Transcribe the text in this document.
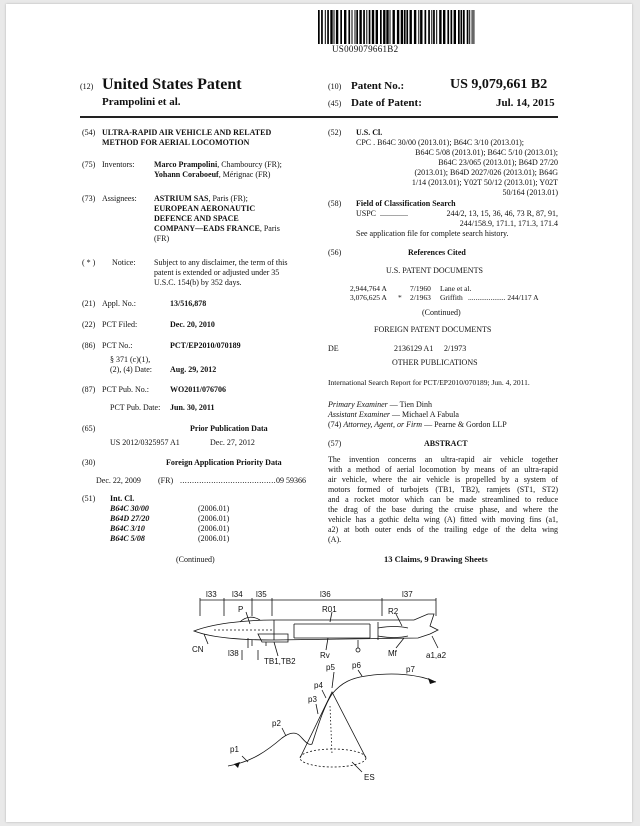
US009079661B2
(12) United States Patent
Prampolini et al.
(10) Patent No.:	US 9,079,661 B2
(45) Date of Patent:	Jul. 14, 2015
(54) ULTRA-RAPID AIR VEHICLE AND RELATED
METHOD FOR AERIAL LOCOMOTION
(75) Inventors: Marco Prampolini, Chambourcy (FR);
Yohann Coraboeuf, Mérignac (FR)
(73) Assignees: ASTRIUM SAS, Paris (FR);
EUROPEAN AERONAUTIC
DEFENCE AND SPACE
COMPANY—EADS FRANCE, Paris
(FR)
( * ) Notice: Subject to any disclaimer, the term of this
patent is extended or adjusted under 35
U.S.C. 154(b) by 352 days.
(21) Appl. No.:	13/516,878
(22) PCT Filed:	Dec. 20, 2010
(86) PCT No.:	PCT/EP2010/070189
§ 371 (c)(1),
(2), (4) Date: Aug. 29, 2012
(87) PCT Pub. No.:	WO2011/076706
PCT Pub. Date: Jun. 30, 2011
(65)	Prior Publication Data
US 2012/0325957 A1	Dec. 27, 2012
(30)	Foreign Application Priority Data
Dec. 22, 2009 (FR) ........................................ 09 59366
(51) Int. Cl.
B64C 30/00	(2006.01)
B64D 27/20	(2006.01)
B64C 3/10	(2006.01)
B64C 5/08	(2006.01)
(Continued)
(52) U.S. Cl.
CPC . B64C 30/00 (2013.01); B64C 3/10 (2013.01);
B64C 5/08 (2013.01); B64C 5/10 (2013.01);
B64C 23/065 (2013.01); B64D 27/20
(2013.01); B64D 2027/026 (2013.01); B64G
1/14 (2013.01); Y02T 50/12 (2013.01); Y02T
50/164 (2013.01)
(58) Field of Classification Search
USPC ..............	244/2, 13, 15, 36, 46, 73 R, 87, 91,
244/158.9, 171.1, 171.3, 171.4
See application file for complete search history.
(56)	References Cited
U.S. PATENT DOCUMENTS
2,944,764 A	7/1960 Lane et al.
3,076,625 A * 2/1963 Griffith .................... 244/117 A
(Continued)
FOREIGN PATENT DOCUMENTS
DE	2136129 A1 2/1973
OTHER PUBLICATIONS
International Search Report for PCT/EP2010/070189; Jun. 4, 2011.
Primary Examiner — Tien Dinh
Assistant Examiner — Michael A Fabula
(74) Attorney, Agent, or Firm — Pearne & Gordon LLP
(57)	ABSTRACT
The invention concerns an ultra-rapid air vehicle together
with a method of aerial locomotion by means of an ultra-rapid
air vehicle, where the air vehicle is propelled by a system of
motors formed of turbojets (TB1, TB2), ramjets (ST1, ST2)
and a rocket motor which can be made streamlined to reduce
the drag of the base during the cruise phase, and where the
vehicle has a gothic delta wing (A) fitted with moving fins (a1,
a2) at both outer ends of the trailing edge of the delta wing
(A).
13 Claims, 9 Drawing Sheets
l33 l34 l35	l36	l37
P	R01	R2
CN	l38
TB1,TB2
Rv	Mf	a1,a2
p1
p2
p3
p4
p5 p6	p7
ES
